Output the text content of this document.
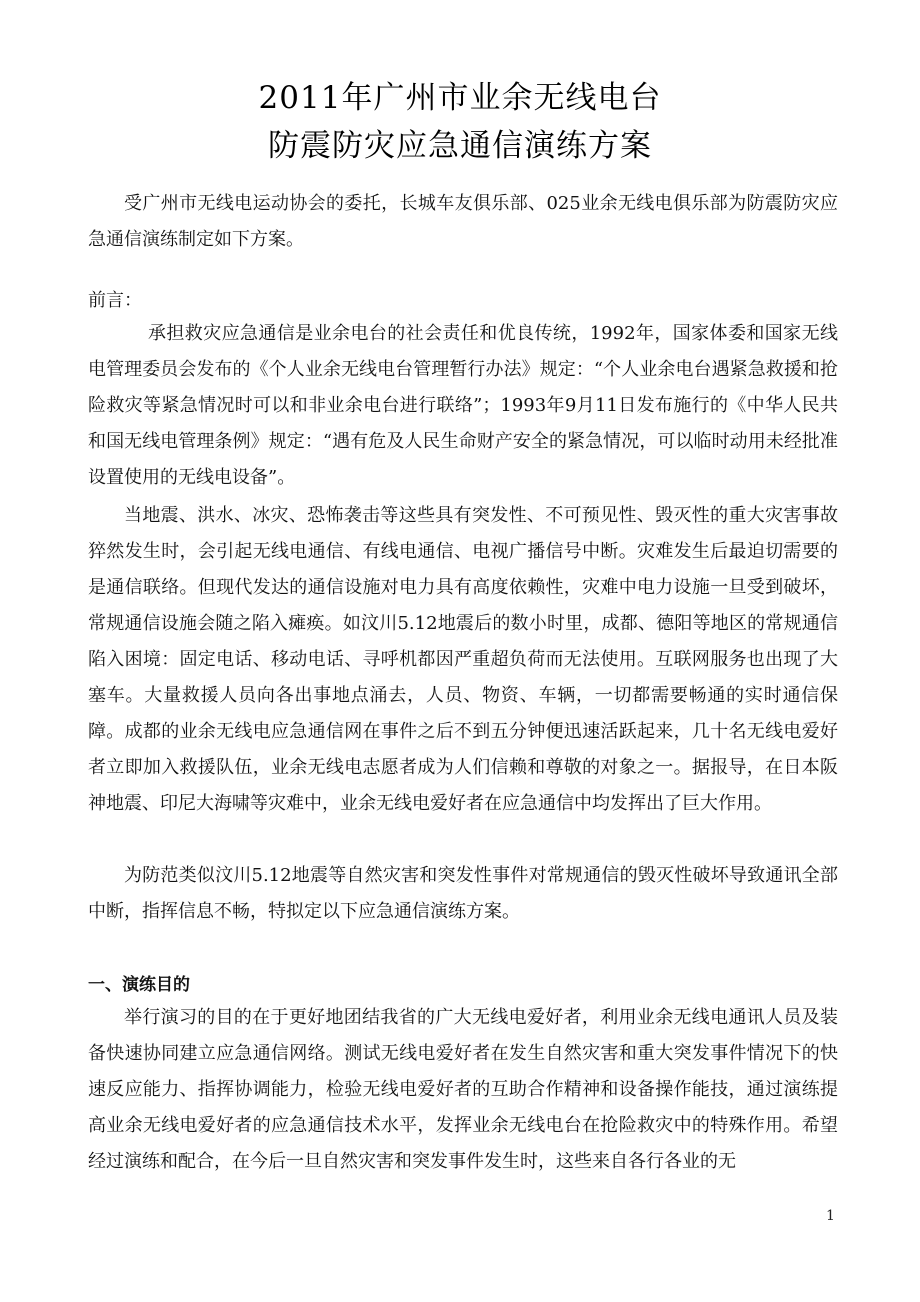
2011年广州市业余无线电台
防震防灾应急通信演练方案

受广州市无线电运动协会的委托，长城车友俱乐部、025业余无线电俱乐部为防震防灾应急通信演练制定如下方案。

前言：

承担救灾应急通信是业余电台的社会责任和优良传统，1992年，国家体委和国家无线电管理委员会发布的《个人业余无线电台管理暂行办法》规定：“个人业余电台遇紧急救援和抢险救灾等紧急情况时可以和非业余电台进行联络”；1993年9月11日发布施行的《中华人民共和国无线电管理条例》规定：“遇有危及人民生命财产安全的紧急情况，可以临时动用未经批准设置使用的无线电设备”。

当地震、洪水、冰灾、恐怖袭击等这些具有突发性、不可预见性、毁灭性的重大灾害事故猝然发生时，会引起无线电通信、有线电通信、电视广播信号中断。灾难发生后最迫切需要的是通信联络。但现代发达的通信设施对电力具有高度依赖性，灾难中电力设施一旦受到破坏，常规通信设施会随之陷入瘫痪。如汶川5.12地震后的数小时里，成都、德阳等地区的常规通信陷入困境：固定电话、移动电话、寻呼机都因严重超负荷而无法使用。互联网服务也出现了大塞车。大量救援人员向各出事地点涌去，人员、物资、车辆，一切都需要畅通的实时通信保障。成都的业余无线电应急通信网在事件之后不到五分钟便迅速活跃起来，几十名无线电爱好者立即加入救援队伍，业余无线电志愿者成为人们信赖和尊敬的对象之一。据报导，在日本阪神地震、印尼大海啸等灾难中，业余无线电爱好者在应急通信中均发挥出了巨大作用。

为防范类似汶川5.12地震等自然灾害和突发性事件对常规通信的毁灭性破坏导致通讯全部中断，指挥信息不畅，特拟定以下应急通信演练方案。

一、演练目的

举行演习的目的在于更好地团结我省的广大无线电爱好者，利用业余无线电通讯人员及装备快速协同建立应急通信网络。测试无线电爱好者在发生自然灾害和重大突发事件情况下的快速反应能力、指挥协调能力，检验无线电爱好者的互助合作精神和设备操作能技，通过演练提高业余无线电爱好者的应急通信技术水平，发挥业余无线电台在抢险救灾中的特殊作用。希望经过演练和配合，在今后一旦自然灾害和突发事件发生时，这些来自各行各业的无

1
